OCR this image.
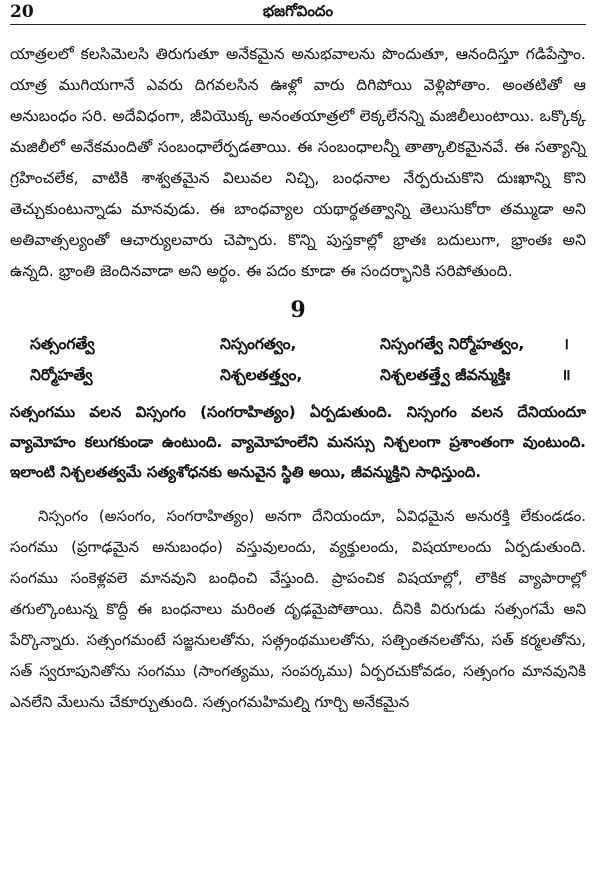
20	భజగోవిందం

యాత్రలలో కలసిమెలసి తిరుగుతూ అనేకమైన అనుభవాలను పొందుతూ, ఆనందిస్తూ గడిపేస్తాం. యాత్ర ముగియగానే ఎవరు దిగవలసిన ఊళ్లో వారు దిగిపోయి వెళ్లిపోతాం. అంతటితో ఆ అనుబంధం సరి. అదేవిధంగా, జీవియొక్క అనంతయాత్రలో లెక్కలేనన్ని మజిలీలుంటాయి. ఒక్కొక్క మజిలీలో అనేకమందితో సంబంధాలేర్పడతాయి. ఈ సంబంధాలన్నీ తాత్కాలికమైనవే. ఈ సత్యాన్ని గ్రహించలేక, వాటికి శాశ్వతమైన విలువల నిచ్చి, బంధనాల నేర్పరుచుకొని దుఃఖాన్ని కొని తెచ్చుకుంటున్నాడు మానవుడు. ఈ బాంధవ్యాల యథార్థతత్వాన్ని తెలుసుకోరా తమ్ముడా అని అతివాత్సల్యంతో ఆచార్యులవారు చెప్పారు. కొన్ని పుస్తకాల్లో భ్రాతః బదులుగా, భ్రాంతః అని ఉన్నది. భ్రాంతి జెందినవాడా అని అర్థం. ఈ పదం కూడా ఈ సందర్భానికి సరిపోతుంది.

9
సత్సంగత్వే	నిస్సంగత్వం,	నిస్సంగత్వే నిర్మోహత్వం,	।
నిర్మోహత్వే	నిశ్చలతత్త్వం,	నిశ్చలతత్త్వే జీవన్ముక్తిః	॥

సత్సంగము వలన విస్సంగం (సంగరాహిత్యం) ఏర్పడుతుంది. నిస్సంగం వలన దేనియందూ వ్యామోహం కలుగకుండా ఉంటుంది. వ్యామోహంలేని మనస్సు నిశ్చలంగా ప్రశాంతంగా వుంటుంది. ఇలాంటి నిశ్చలతత్వమే సత్యశోధనకు అనువైన స్థితి అయి, జీవన్ముక్తిని సాధిస్తుంది.

నిస్సంగం (అసంగం, సంగరాహిత్యం) అనగా దేనియందూ, ఏవిధమైన అనురక్తి లేకుండడం. సంగము (ప్రగాఢమైన అనుబంధం) వస్తువులందు, వ్యక్తులందు, విషయాలందు ఏర్పడుతుంది. సంగము సంకెళ్లవలె మానవుని బంధించి వేస్తుంది. ప్రాపంచిక విషయాల్లో, లౌకిక వ్యాపారాల్లో తగుల్కొంటున్న కొద్దీ ఈ బంధనాలు మరింత దృఢమైపోతాయి. దీనికి విరుగుడు సత్సంగమే అని పేర్కొన్నారు. సత్సంగమంటే సజ్జనులతోను, సత్గ్రంథములతోను, సత్చింతనలతోను, సత్ కర్మలతోను, సత్ స్వరూపునితోను సంగము (సాంగత్యము, సంపర్కము) ఏర్పరచుకోవడం, సత్సంగం మానవునికి ఎనలేని మేలును చేకూర్చుతుంది. సత్సంగమహిమల్ని గూర్చి అనేకమైన
